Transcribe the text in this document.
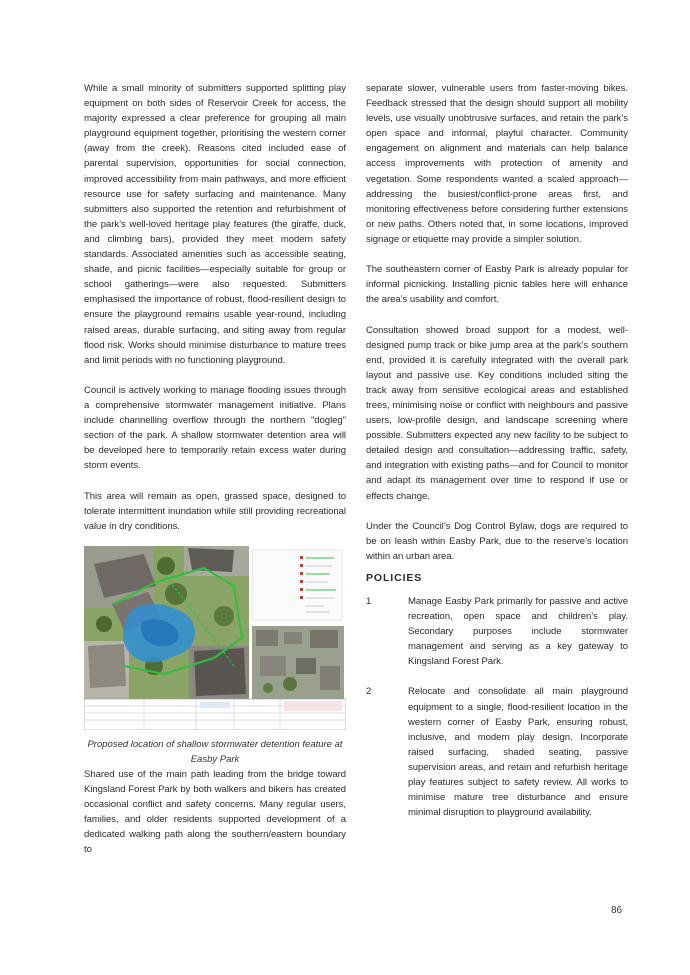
While a small minority of submitters supported splitting play equipment on both sides of Reservoir Creek for access, the majority expressed a clear preference for grouping all main playground equipment together, prioritising the western corner (away from the creek). Reasons cited included ease of parental supervision, opportunities for social connection, improved accessibility from main pathways, and more efficient resource use for safety surfacing and maintenance. Many submitters also supported the retention and refurbishment of the park’s well-loved heritage play features (the giraffe, duck, and climbing bars), provided they meet modern safety standards. Associated amenities such as accessible seating, shade, and picnic facilities—especially suitable for group or school gatherings—were also requested. Submitters emphasised the importance of robust, flood-resilient design to ensure the playground remains usable year-round, including raised areas, durable surfacing, and siting away from regular flood risk. Works should minimise disturbance to mature trees and limit periods with no functioning playground.

Council is actively working to manage flooding issues through a comprehensive stormwater management initiative. Plans include channelling overflow through the northern "dogleg" section of the park. A shallow stormwater detention area will be developed here to temporarily retain excess water during storm events.

This area will remain as open, grassed space, designed to tolerate intermittent inundation while still providing recreational value in dry conditions.

Proposed location of shallow stormwater detention feature at Easby Park

Shared use of the main path leading from the bridge toward Kingsland Forest Park by both walkers and bikers has created occasional conflict and safety concerns. Many regular users, families, and older residents supported development of a dedicated walking path along the southern/eastern boundary to

separate slower, vulnerable users from faster-moving bikes. Feedback stressed that the design should support all mobility levels, use visually unobtrusive surfaces, and retain the park’s open space and informal, playful character. Community engagement on alignment and materials can help balance access improvements with protection of amenity and vegetation. Some respondents wanted a scaled approach—addressing the busiest/conflict-prone areas first, and monitoring effectiveness before considering further extensions or new paths. Others noted that, in some locations, improved signage or etiquette may provide a simpler solution.

The southeastern corner of Easby Park is already popular for informal picnicking. Installing picnic tables here will enhance the area’s usability and comfort.

Consultation showed broad support for a modest, well-designed pump track or bike jump area at the park’s southern end, provided it is carefully integrated with the overall park layout and passive use. Key conditions included siting the track away from sensitive ecological areas and established trees, minimising noise or conflict with neighbours and passive users, low-profile design, and landscape screening where possible. Submitters expected any new facility to be subject to detailed design and consultation—addressing traffic, safety, and integration with existing paths—and for Council to monitor and adapt its management over time to respond if use or effects change.

Under the Council’s Dog Control Bylaw, dogs are required to be on leash within Easby Park, due to the reserve’s location within an urban area.

POLICIES
1	Manage Easby Park primarily for passive and active recreation, open space and children’s play. Secondary purposes include stormwater management and serving as a key gateway to Kingsland Forest Park.

2	Relocate and consolidate all main playground equipment to a single, flood-resilient location in the western corner of Easby Park, ensuring robust, inclusive, and modern play design. Incorporate raised surfacing, shaded seating, passive supervision areas, and retain and refurbish heritage play features subject to safety review. All works to minimise mature tree disturbance and ensure minimal disruption to playground availability.

86
